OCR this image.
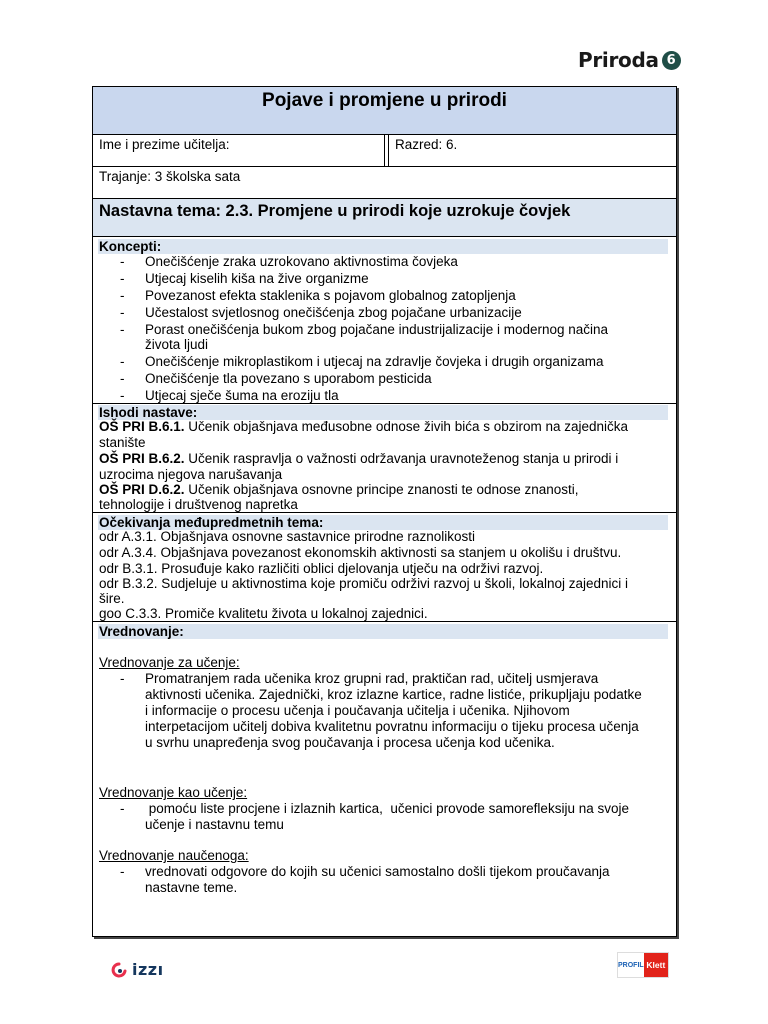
Priroda 6
Pojave i promjene u prirodi
Ime i prezime učitelja:	Razred: 6.
Trajanje: 3 školska sata
Nastavna tema: 2.3. Promjene u prirodi koje uzrokuje čovjek
Koncepti:
- Onečišćenje zraka uzrokovano aktivnostima čovjeka
- Utjecaj kiselih kiša na žive organizme
- Povezanost efekta staklenika s pojavom globalnog zatopljenja
- Učestalost svjetlosnog onečišćenja zbog pojačane urbanizacije
- Porast onečišćenja bukom zbog pojačane industrijalizacije i modernog načina
života ljudi
- Onečišćenje mikroplastikom i utjecaj na zdravlje čovjeka i drugih organizama
- Onečišćenje tla povezano s uporabom pesticida
- Utjecaj sječe šuma na eroziju tla
Ishodi nastave:
OŠ PRI B.6.1. Učenik objašnjava međusobne odnose živih bića s obzirom na zajednička
stanište
OŠ PRI B.6.2. Učenik raspravlja o važnosti održavanja uravnoteženog stanja u prirodi i
uzrocima njegova narušavanja
OŠ PRI D.6.2. Učenik objašnjava osnovne principe znanosti te odnose znanosti,
tehnologije i društvenog napretka
Očekivanja međupredmetnih tema:
odr A.3.1. Objašnjava osnovne sastavnice prirodne raznolikosti
odr A.3.4. Objašnjava povezanost ekonomskih aktivnosti sa stanjem u okolišu i društvu.
odr B.3.1. Prosuđuje kako različiti oblici djelovanja utječu na održivi razvoj.
odr B.3.2. Sudjeluje u aktivnostima koje promiču održivi razvoj u školi, lokalnoj zajednici i
šire.
goo C.3.3. Promiče kvalitetu života u lokalnoj zajednici.
Vrednovanje:
Vrednovanje za učenje:
- Promatranjem rada učenika kroz grupni rad, praktičan rad, učitelj usmjerava
aktivnosti učenika. Zajednički, kroz izlazne kartice, radne listiće, prikupljaju podatke
i informacije o procesu učenja i poučavanja učitelja i učenika. Njihovom
interpetacijom učitelj dobiva kvalitetnu povratnu informaciju o tijeku procesa učenja
u svrhu unapređenja svog poučavanja i procesa učenja kod učenika.
Vrednovanje kao učenje:
- pomoću liste procjene i izlaznih kartica,  učenici provode samorefleksiju na svoje
učenje i nastavnu temu
Vrednovanje naučenoga:
- vrednovati odgovore do kojih su učenici samostalno došli tijekom proučavanja
nastavne teme.
izzı	PROFIL Klett
